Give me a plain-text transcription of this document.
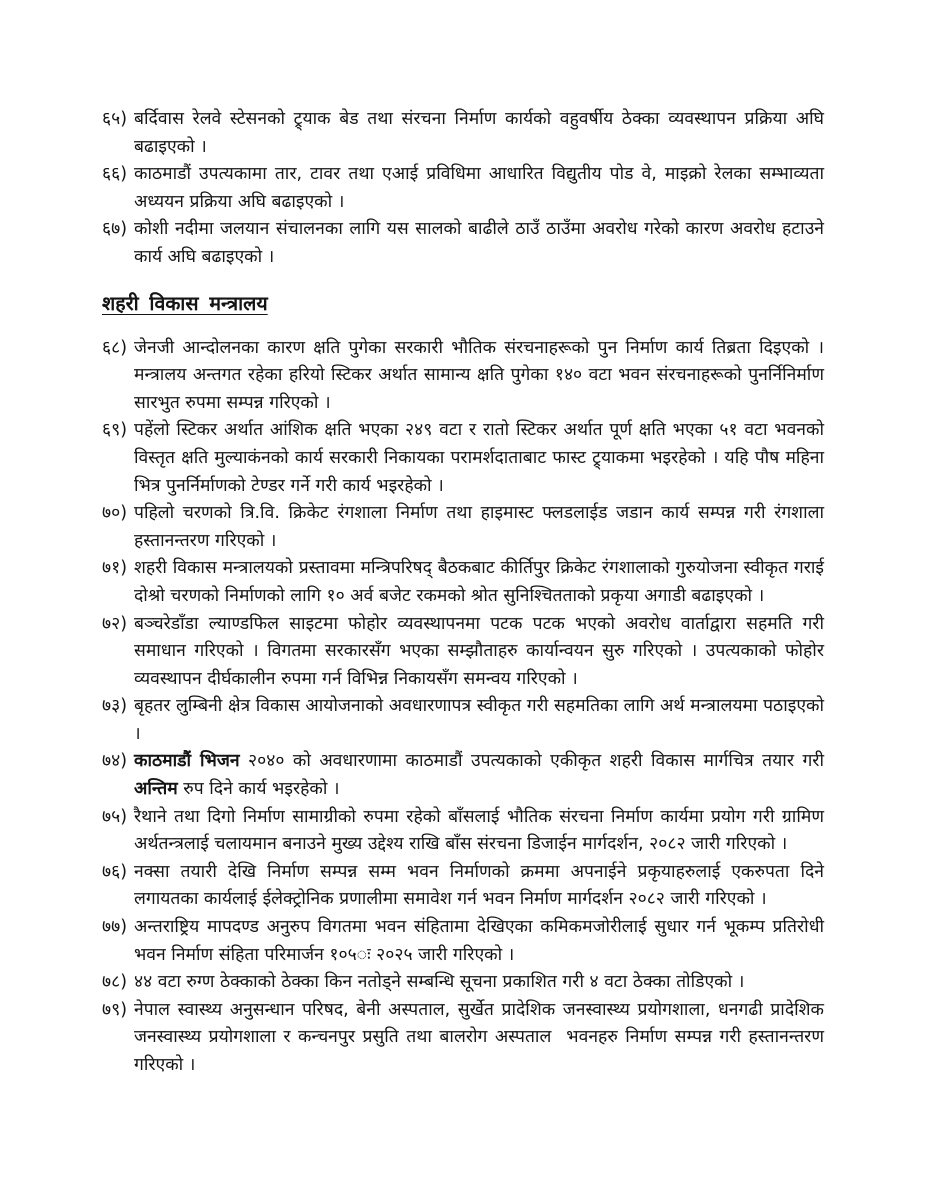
६५) बर्दिवास रेलवे स्टेसनको ट्र्याक बेड तथा संरचना निर्माण कार्यको वहुवर्षीय ठेक्का व्यवस्थापन प्रक्रिया अघि बढाइएको ।
६६) काठमाडौं उपत्यकामा तार, टावर तथा एआई प्रविधिमा आधारित विद्युतीय पोड वे, माइक्रो रेलका सम्भाव्यता अध्ययन प्रक्रिया अघि बढाइएको ।
६७) कोशी नदीमा जलयान संचालनका लागि यस सालको बाढीले ठाउँ ठाउँमा अवरोध गरेको कारण अवरोध हटाउने कार्य अघि बढाइएको ।
शहरी विकास मन्त्रालय
६८) जेनजी आन्दोलनका कारण क्षति पुगेका सरकारी भौतिक संरचनाहरूको पुन निर्माण कार्य तिब्रता दिइएको । मन्त्रालय अन्तगत रहेका हरियो स्टिकर अर्थात सामान्य क्षति पुगेका १४० वटा भवन संरचनाहरूको पुनर्निनिर्माण सारभुत रुपमा सम्पन्न गरिएको ।
६९) पहेंलो स्टिकर अर्थात आंशिक क्षति भएका २४९ वटा र रातो स्टिकर अर्थात पूर्ण क्षति भएका ५१ वटा भवनको विस्तृत क्षति मुल्याकंनको कार्य सरकारी निकायका परामर्शदाताबाट फास्ट ट्र्याकमा भइरहेको । यहि पौष महिना भित्र पुनर्निर्माणको टेण्डर गर्ने गरी कार्य भइरहेको ।
७०) पहिलो चरणको त्रि.वि. क्रिकेट रंगशाला निर्माण तथा हाइमास्ट फ्लडलाईड जडान कार्य सम्पन्न गरी रंगशाला हस्तानन्तरण गरिएको ।
७१) शहरी विकास मन्त्रालयको प्रस्तावमा मन्त्रिपरिषद् बैठकबाट कीर्तिपुर क्रिकेट रंगशालाको गुरुयोजना स्वीकृत गराई दोश्रो चरणको निर्माणको लागि १० अर्व बजेट रकमको श्रोत सुनिश्चितताको प्रकृया अगाडी बढाइएको ।
७२) बञ्चरेडाँडा ल्याण्डफिल साइटमा फोहोर व्यवस्थापनमा पटक पटक भएको अवरोध वार्ताद्वारा सहमति गरी समाधान गरिएको । विगतमा सरकारसँग भएका सम्झौताहरु कार्यान्वयन सुरु गरिएको । उपत्यकाको फोहोर व्यवस्थापन दीर्घकालीन रुपमा गर्न विभिन्न निकायसँग समन्वय गरिएको ।
७३) बृहतर लुम्बिनी क्षेत्र विकास आयोजनाको अवधारणापत्र स्वीकृत गरी सहमतिका लागि अर्थ मन्त्रालयमा पठाइएको ।
७४) काठमाडौं भिजन २०४० को अवधारणामा काठमाडौं उपत्यकाको एकीकृत शहरी विकास मार्गचित्र तयार गरी अन्तिम रुप दिने कार्य भइरहेको ।
७५) रैथाने तथा दिगो निर्माण सामाग्रीको रुपमा रहेको बाँसलाई भौतिक संरचना निर्माण कार्यमा प्रयोग गरी ग्रामिण अर्थतन्त्रलाई चलायमान बनाउने मुख्य उद्देश्य राखि बाँस संरचना डिजाईन मार्गदर्शन, २०८२ जारी गरिएको ।
७६) नक्सा तयारी देखि निर्माण सम्पन्न सम्म भवन निर्माणको क्रममा अपनाईने प्रकृयाहरुलाई एकरुपता दिने लगायतका कार्यलाई ईलेक्ट्रोनिक प्रणालीमा समावेश गर्न भवन निर्माण मार्गदर्शन २०८२ जारी गरिएको ।
७७) अन्तराष्ट्रिय मापदण्ड अनुरुप विगतमा भवन संहितामा देखिएका कमिकमजोरीलाई सुधार गर्न भूकम्प प्रतिरोधी भवन निर्माण संहिता परिमार्जन १०५◌ः २०२५ जारी गरिएको ।
७८) ४४ वटा रुग्ण ठेक्काको ठेक्का किन नतोड्ने सम्बन्धि सूचना प्रकाशित गरी ४ वटा ठेक्का तोडिएको ।
७९) नेपाल स्वास्थ्य अनुसन्धान परिषद, बेनी अस्पताल, सुर्खेत प्रादेशिक जनस्वास्थ्य प्रयोगशाला, धनगढी प्रादेशिक जनस्वास्थ्य प्रयोगशाला र कन्चनपुर प्रसुति तथा बालरोग अस्पताल  भवनहरु निर्माण सम्पन्न गरी हस्तानन्तरण गरिएको ।
